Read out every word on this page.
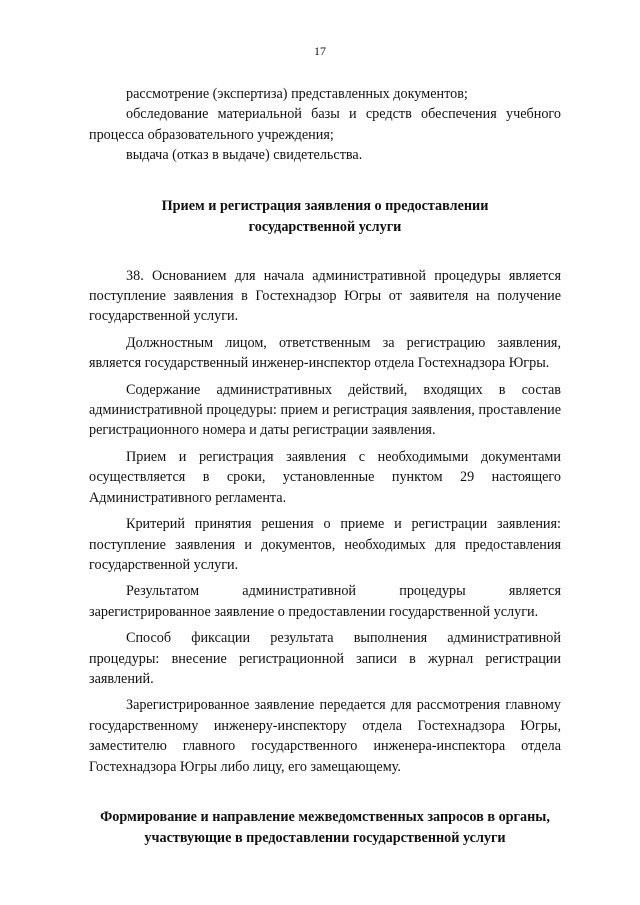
17

рассмотрение (экспертиза) представленных документов;

обследование материальной базы и средств обеспечения учебного процесса образовательного учреждения;

выдача (отказ в выдаче) свидетельства.

Прием и регистрация заявления о предоставлении
государственной услуги

38. Основанием для начала административной процедуры является поступление заявления в Гостехнадзор Югры от заявителя на получение государственной услуги.

Должностным лицом, ответственным за регистрацию заявления, является государственный инженер-инспектор отдела Гостехнадзора Югры.

Содержание административных действий, входящих в состав административной процедуры: прием и регистрация заявления, проставление регистрационного номера и даты регистрации заявления.

Прием и регистрация заявления с необходимыми документами осуществляется в сроки, установленные пунктом 29 настоящего Административного регламента.

Критерий принятия решения о приеме и регистрации заявления: поступление заявления и документов, необходимых для предоставления государственной услуги.

Результатом административной процедуры является зарегистрированное заявление о предоставлении государственной услуги.

Способ фиксации результата выполнения административной процедуры: внесение регистрационной записи в журнал регистрации заявлений.

Зарегистрированное заявление передается для рассмотрения главному государственному инженеру-инспектору отдела Гостехнадзора Югры, заместителю главного государственного инженера-инспектора отдела Гостехнадзора Югры либо лицу, его замещающему.

Формирование и направление межведомственных запросов в органы,
участвующие в предоставлении государственной услуги
